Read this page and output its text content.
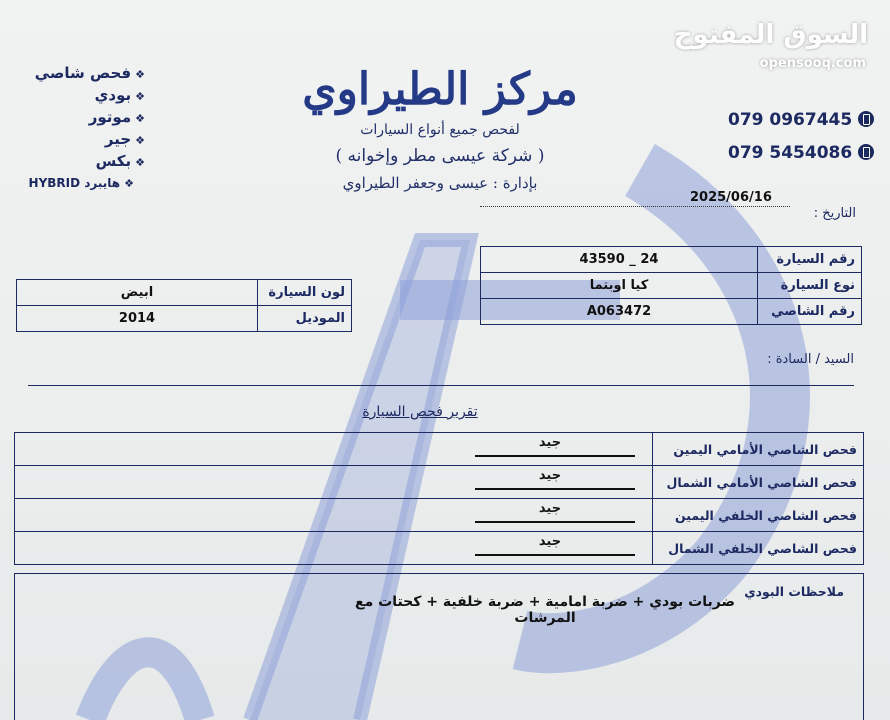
السوق المفتوح
opensooq.com
مركز الطيراوي
لفحص جميع أنواع السيارات
( شركة عيسى مطر وإخوانه )
بإدارة : عيسى وجعفر الطيراوي
❖فحص شاصي
❖بودي
❖موتور
❖جير
❖بكس
❖هايبرد HYBRID
079 0967445
079 5454086
2025/06/16
التاريخ :
رقم السيارة	24 _ 43590
نوع السيارة	كيا اوبتما
رقم الشاصي	A063472
لون السيارة	ابيض
الموديل	2014
السيد / السادة :
تقرير فحص السيارة
فحص الشاصي الأمامي اليمين	جيد

فحص الشاصي الأمامي الشمال	جيد

فحص الشاصي الخلفي اليمين	جيد

فحص الشاصي الخلفي الشمال	جيد
ملاحظات البودي
ضربات بودي + ضربة امامية + ضربة خلفية + كحتات مع المرشات
